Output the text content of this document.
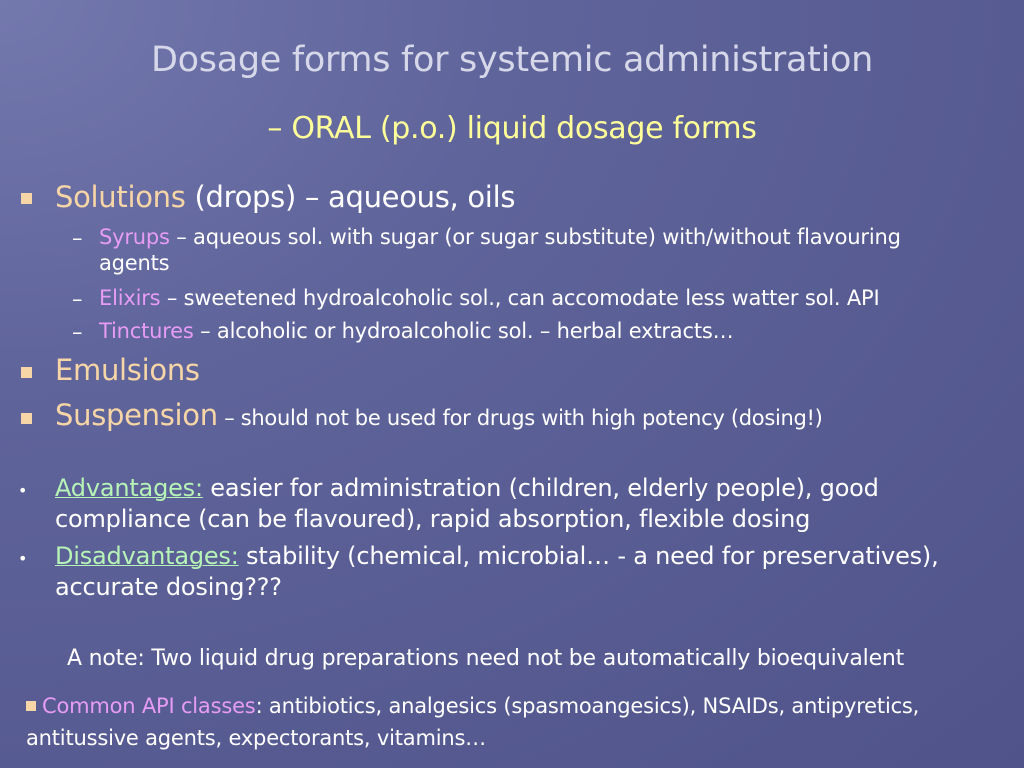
Dosage forms for systemic administration
– ORAL (p.o.) liquid dosage forms
Solutions (drops) – aqueous, oils
– Syrups – aqueous sol. with sugar (or sugar substitute) with/without flavouring
agents
– Elixirs – sweetened hydroalcoholic sol., can accomodate less watter sol. API
– Tinctures – alcoholic or hydroalcoholic sol. – herbal extracts…
Emulsions
Suspension – should not be used for drugs with high potency (dosing!)
• Advantages: easier for administration (children, elderly people), good
compliance (can be flavoured), rapid absorption, flexible dosing
• Disadvantages: stability (chemical, microbial… - a need for preservatives),
accurate dosing???
A note: Two liquid drug preparations need not be automatically bioequivalent
Common API classes: antibiotics, analgesics (spasmoangesics), NSAIDs, antipyretics,
antitussive agents, expectorants, vitamins…
